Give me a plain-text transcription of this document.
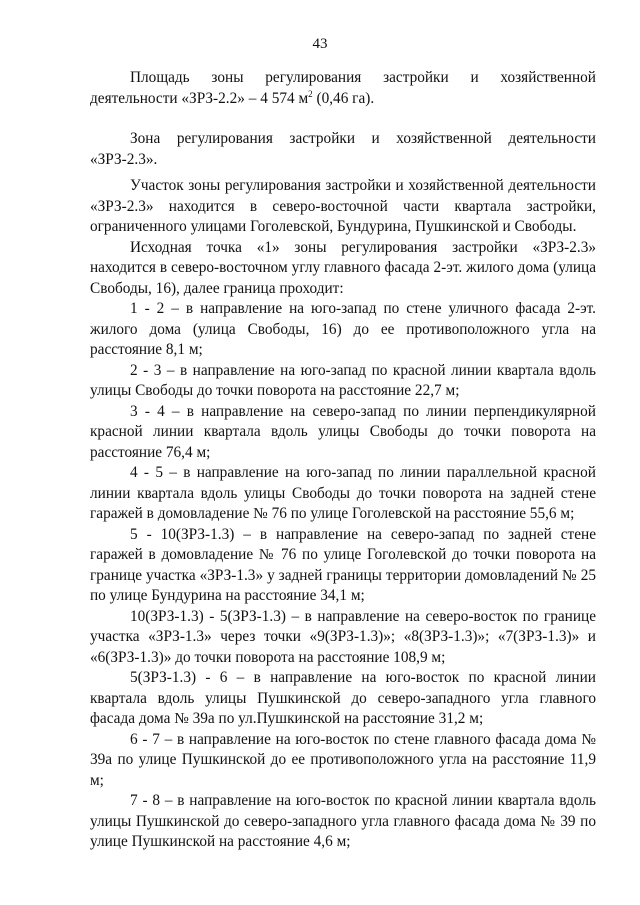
43

Площадь зоны регулирования застройки и хозяйственной деятельности «ЗРЗ-2.2» – 4 574 $м^2$ (0,46 га).

Зона регулирования застройки и хозяйственной деятельности «ЗРЗ-2.3».

Участок зоны регулирования застройки и хозяйственной деятельности «ЗРЗ-2.3» находится в северо-восточной части квартала застройки, ограниченного улицами Гоголевской, Бундурина, Пушкинской и Свободы.

Исходная точка «1» зоны регулирования застройки «ЗРЗ-2.3» находится в северо-восточном углу главного фасада 2-эт. жилого дома (улица Свободы, 16), далее граница проходит:

1 - 2 – в направление на юго-запад по стене уличного фасада 2-эт. жилого дома (улица Свободы, 16) до ее противоположного угла на расстояние 8,1 м;

2 - 3 – в направление на юго-запад по красной линии квартала вдоль улицы Свободы до точки поворота на расстояние 22,7 м;

3 - 4 – в направление на северо-запад по линии перпендикулярной красной линии квартала вдоль улицы Свободы до точки поворота на расстояние 76,4 м;

4 - 5 – в направление на юго-запад по линии параллельной красной линии квартала вдоль улицы Свободы до точки поворота на задней стене гаражей в домовладение № 76 по улице Гоголевской на расстояние 55,6 м;

5 - 10(ЗРЗ-1.3) – в направление на северо-запад по задней стене гаражей в домовладение № 76 по улице Гоголевской до точки поворота на границе участка «ЗРЗ-1.3» у задней границы территории домовладений № 25 по улице Бундурина на расстояние 34,1 м;

10(ЗРЗ-1.3) - 5(ЗРЗ-1.3) – в направление на северо-восток по границе участка «ЗРЗ-1.3» через точки «9(ЗРЗ-1.3)»; «8(ЗРЗ-1.3)»; «7(ЗРЗ-1.3)» и «6(ЗРЗ-1.3)» до точки поворота на расстояние 108,9 м;

5(ЗРЗ-1.3) - 6 – в направление на юго-восток по красной линии квартала вдоль улицы Пушкинской до северо-западного угла главного фасада дома № 39а по ул.Пушкинской на расстояние 31,2 м;

6 - 7 – в направление на юго-восток по стене главного фасада дома № 39а по улице Пушкинской до ее противоположного угла на расстояние 11,9 м;

7 - 8 – в направление на юго-восток по красной линии квартала вдоль улицы Пушкинской до северо-западного угла главного фасада дома № 39 по улице Пушкинской на расстояние 4,6 м;
